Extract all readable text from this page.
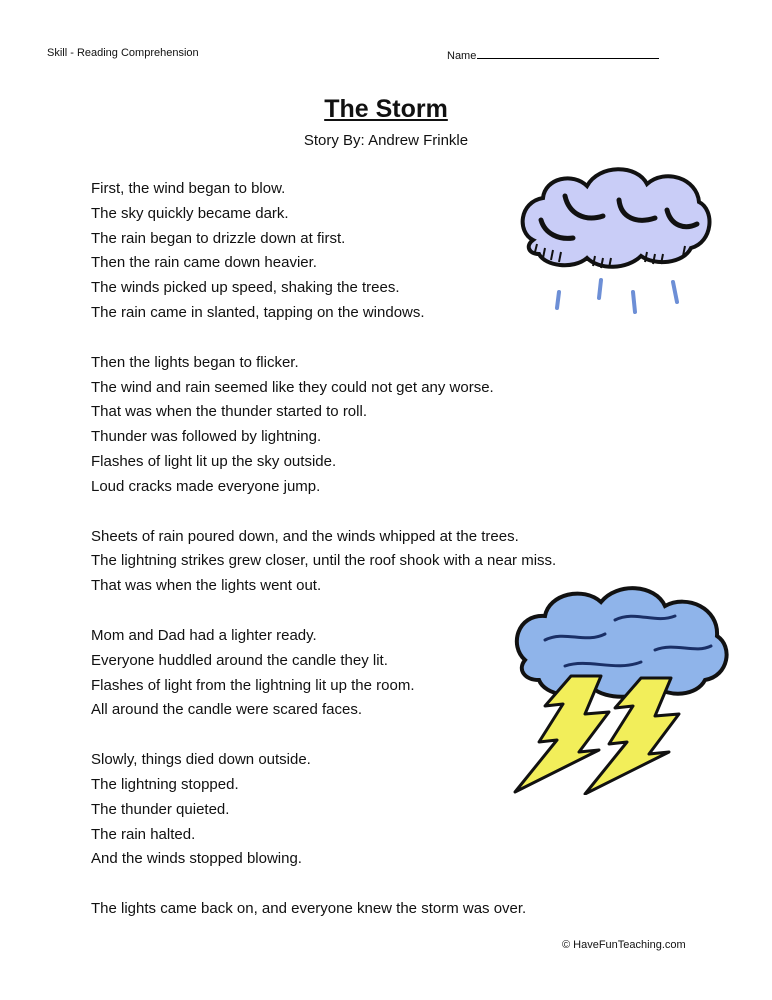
Skill - Reading Comprehension	Name
The Storm
Story By: Andrew Frinkle
First, the wind began to blow.
The sky quickly became dark.
The rain began to drizzle down at first.
Then the rain came down heavier.
The winds picked up speed, shaking the trees.
The rain came in slanted, tapping on the windows.
Then the lights began to flicker.
The wind and rain seemed like they could not get any worse.
That was when the thunder started to roll.
Thunder was followed by lightning.
Flashes of light lit up the sky outside.
Loud cracks made everyone jump.
Sheets of rain poured down, and the winds whipped at the trees.
The lightning strikes grew closer, until the roof shook with a near miss.
That was when the lights went out.
Mom and Dad had a lighter ready.
Everyone huddled around the candle they lit.
Flashes of light from the lightning lit up the room.
All around the candle were scared faces.
Slowly, things died down outside.
The lightning stopped.
The thunder quieted.
The rain halted.
And the winds stopped blowing.
The lights came back on, and everyone knew the storm was over.
© HaveFunTeaching.com
